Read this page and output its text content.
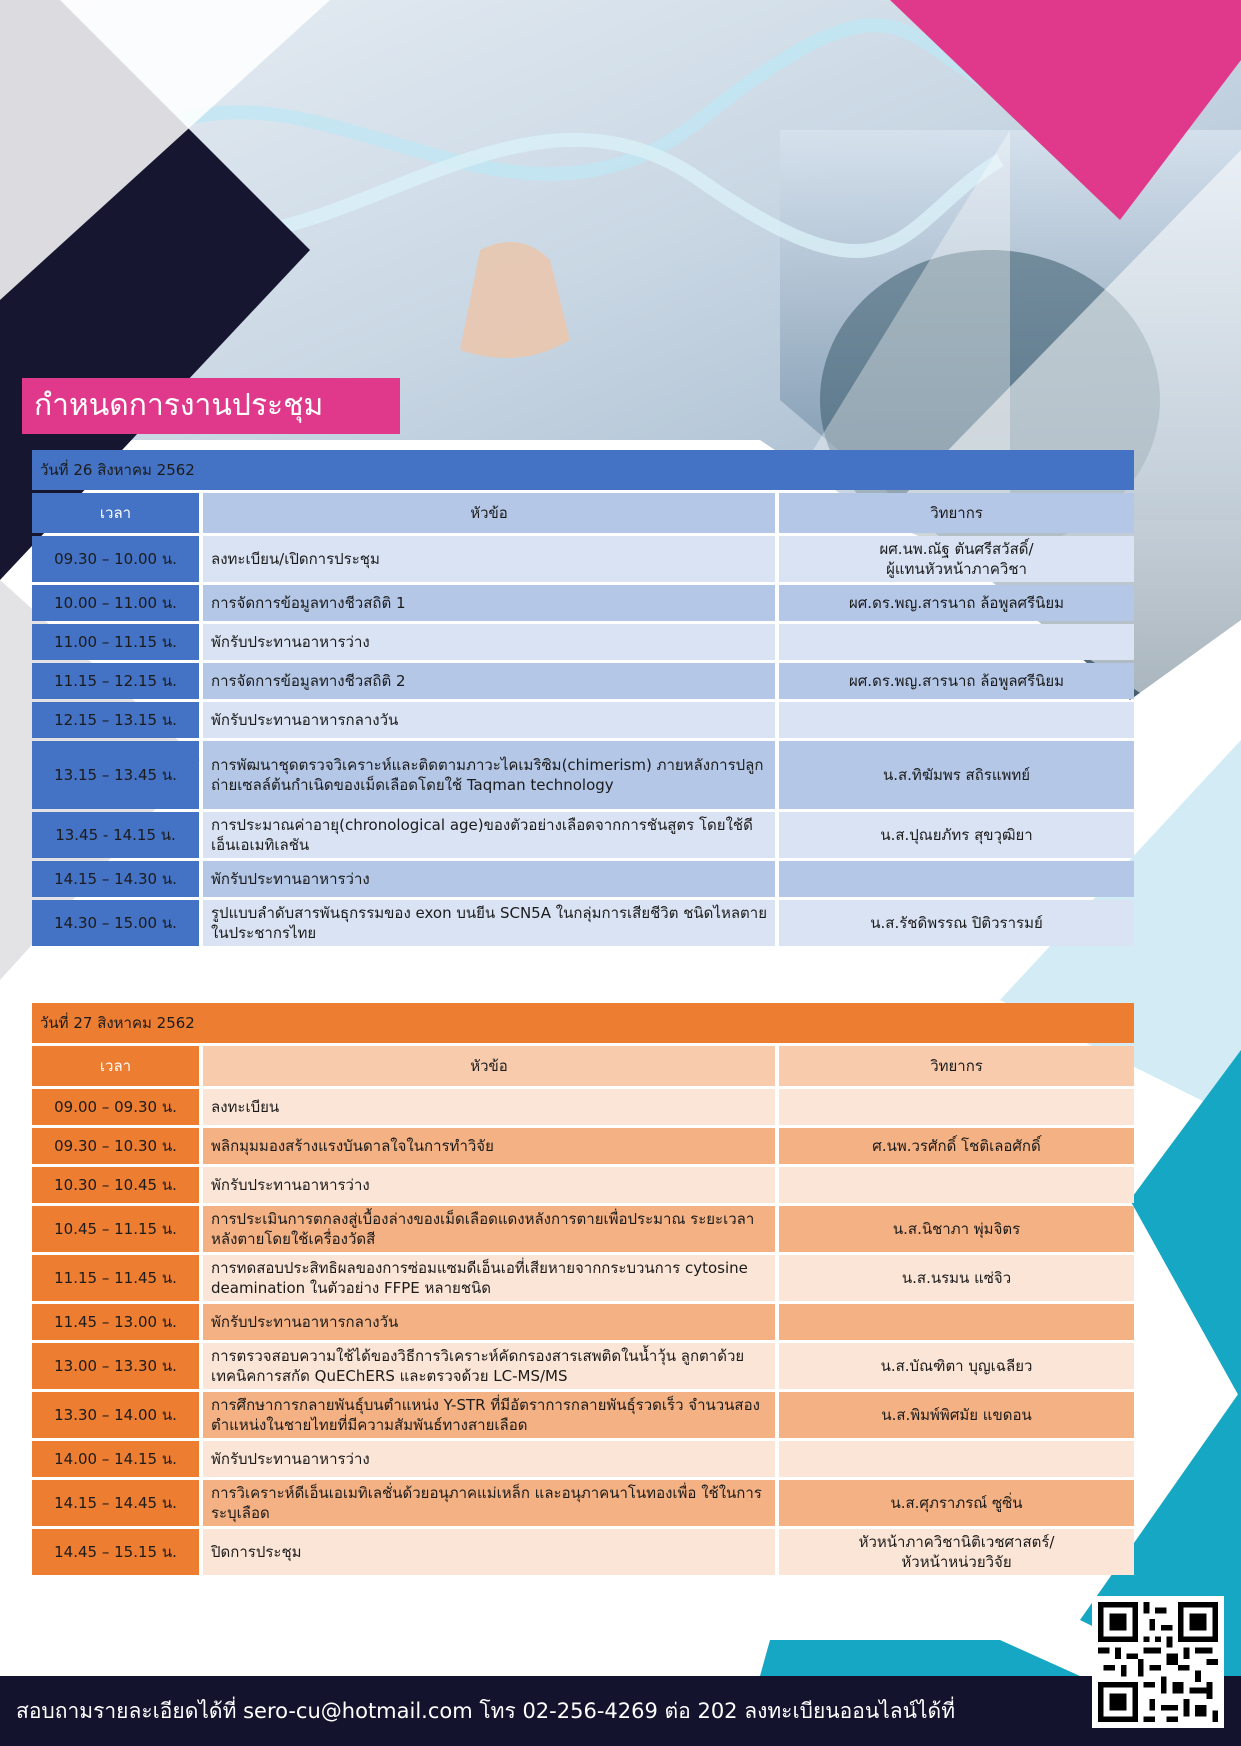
กำหนดการงานประชุม
วันที่ 26 สิงหาคม 2562				
เวลา		หัวข้อ		วิทยากร
09.30 – 10.00 น.		ลงทะเบียน/เปิดการประชุม		ผศ.นพ.ณัฐ ตันศรีสวัสดิ์/
ผู้แทนหัวหน้าภาควิชา
10.00 – 11.00 น.		การจัดการข้อมูลทางชีวสถิติ 1		ผศ.ดร.พญ.สารนาถ ล้อพูลศรีนิยม
11.00 – 11.15 น.		พักรับประทานอาหารว่าง		
11.15 – 12.15 น.		การจัดการข้อมูลทางชีวสถิติ 2		ผศ.ดร.พญ.สารนาถ ล้อพูลศรีนิยม
12.15 – 13.15 น.		พักรับประทานอาหารกลางวัน		
13.15 – 13.45 น.		การพัฒนาชุดตรวจวิเคราะห์และติดตามภาวะไคเมริซิม(chimerism) ภายหลังการปลูกถ่ายเซลล์ต้นกำเนิดของเม็ดเลือดโดยใช้ Taqman technology		น.ส.ทิฆัมพร สถิรแพทย์
13.45 - 14.15 น.		การประมาณค่าอายุ(chronological age)ของตัวอย่างเลือดจากการชันสูตร โดยใช้ดีเอ็นเอเมทิเลชัน		น.ส.ปุณยภัทร สุขวุฒิยา
14.15 – 14.30 น.		พักรับประทานอาหารว่าง		
14.30 – 15.00 น.		รูปแบบลำดับสารพันธุกรรมของ exon บนยีน SCN5A ในกลุ่มการเสียชีวิต ชนิดไหลตายในประชากรไทย		น.ส.รัชดิพรรณ ปิติวรารมย์
วันที่ 27 สิงหาคม 2562				
เวลา		หัวข้อ		วิทยากร
09.00 – 09.30 น.		ลงทะเบียน		
09.30 – 10.30 น.		พลิกมุมมองสร้างแรงบันดาลใจในการทำวิจัย		ศ.นพ.วรศักดิ์ โชติเลอศักดิ์
10.30 – 10.45 น.		พักรับประทานอาหารว่าง		
10.45 – 11.15 น.		การประเมินการตกลงสู่เบื้องล่างของเม็ดเลือดแดงหลังการตายเพื่อประมาณ ระยะเวลาหลังตายโดยใช้เครื่องวัดสี		น.ส.นิชาภา พุ่มจิตร
11.15 – 11.45 น.		การทดสอบประสิทธิผลของการซ่อมแซมดีเอ็นเอที่เสียหายจากกระบวนการ cytosine deamination ในตัวอย่าง FFPE หลายชนิด		น.ส.นรมน แซ่จิว
11.45 – 13.00 น.		พักรับประทานอาหารกลางวัน		
13.00 – 13.30 น.		การตรวจสอบความใช้ได้ของวิธีการวิเคราะห์คัดกรองสารเสพติดในน้ำวุ้น ลูกตาด้วยเทคนิคการสกัด QuEChERS และตรวจด้วย LC-MS/MS		น.ส.บัณฑิตา บุญเฉลียว
13.30 – 14.00 น.		การศึกษาการกลายพันธุ์บนตำแหน่ง Y-STR ที่มีอัตราการกลายพันธุ์รวดเร็ว จำนวนสองตำแหน่งในชายไทยที่มีความสัมพันธ์ทางสายเลือด		น.ส.พิมพ์พิศมัย แขดอน
14.00 – 14.15 น.		พักรับประทานอาหารว่าง		
14.15 – 14.45 น.		การวิเคราะห์ดีเอ็นเอเมทิเลชั่นด้วยอนุภาคแม่เหล็ก และอนุภาคนาโนทองเพื่อ ใช้ในการระบุเลือด		น.ส.ศุภราภรณ์ ซูซิ่น
14.45 – 15.15 น.		ปิดการประชุม		หัวหน้าภาควิชานิติเวชศาสตร์/
หัวหน้าหน่วยวิจัย
สอบถามรายละเอียดได้ที่ sero-cu@hotmail.com โทร 02-256-4269 ต่อ 202 ลงทะเบียนออนไลน์ได้ที่
